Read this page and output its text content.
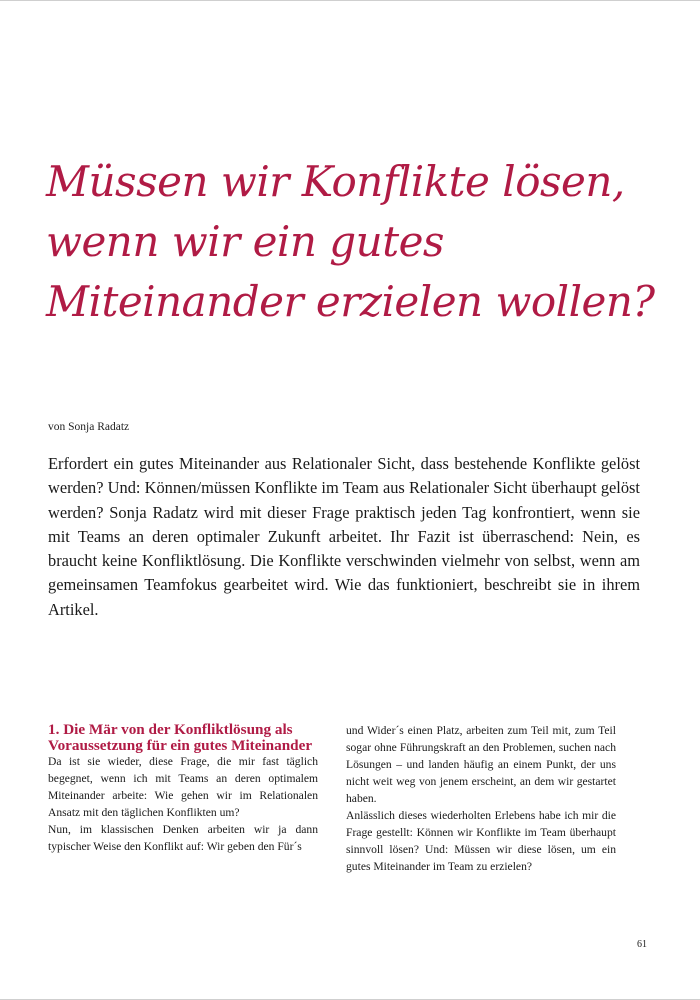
Müssen wir Konflikte lösen,
wenn wir ein gutes
Miteinander erzielen wollen?
von Sonja Radatz

Erfordert ein gutes Miteinander aus Relationaler Sicht, dass bestehende Konflikte gelöst werden? Und: Können/müssen Konflikte im Team aus Relationaler Sicht überhaupt gelöst werden? Sonja Radatz wird mit dieser Frage praktisch jeden Tag konfrontiert, wenn sie mit Teams an deren optimaler Zukunft arbeitet. Ihr Fazit ist überraschend: Nein, es braucht keine Konfliktlösung. Die Konflikte verschwinden vielmehr von selbst, wenn am gemeinsamen Teamfokus gearbeitet wird. Wie das funktioniert, beschreibt sie in ihrem Artikel.

1. Die Mär von der Konfliktlösung als Voraussetzung für ein gutes Miteinander

Da ist sie wieder, diese Frage, die mir fast täglich begegnet, wenn ich mit Teams an deren optimalem Miteinander arbeite: Wie gehen wir im Relationalen Ansatz mit den täglichen Konflikten um?

Nun, im klassischen Denken arbeiten wir ja dann typischer Weise den Konflikt auf: Wir geben den Für´s

und Wider´s einen Platz, arbeiten zum Teil mit, zum Teil sogar ohne Führungskraft an den Problemen, suchen nach Lösungen – und landen häufig an einem Punkt, der uns nicht weit weg von jenem erscheint, an dem wir gestartet haben.

Anlässlich dieses wiederholten Erlebens habe ich mir die Frage gestellt: Können wir Konflikte im Team überhaupt sinnvoll lösen? Und: Müssen wir diese lösen, um ein gutes Miteinander im Team zu erzielen?

61
